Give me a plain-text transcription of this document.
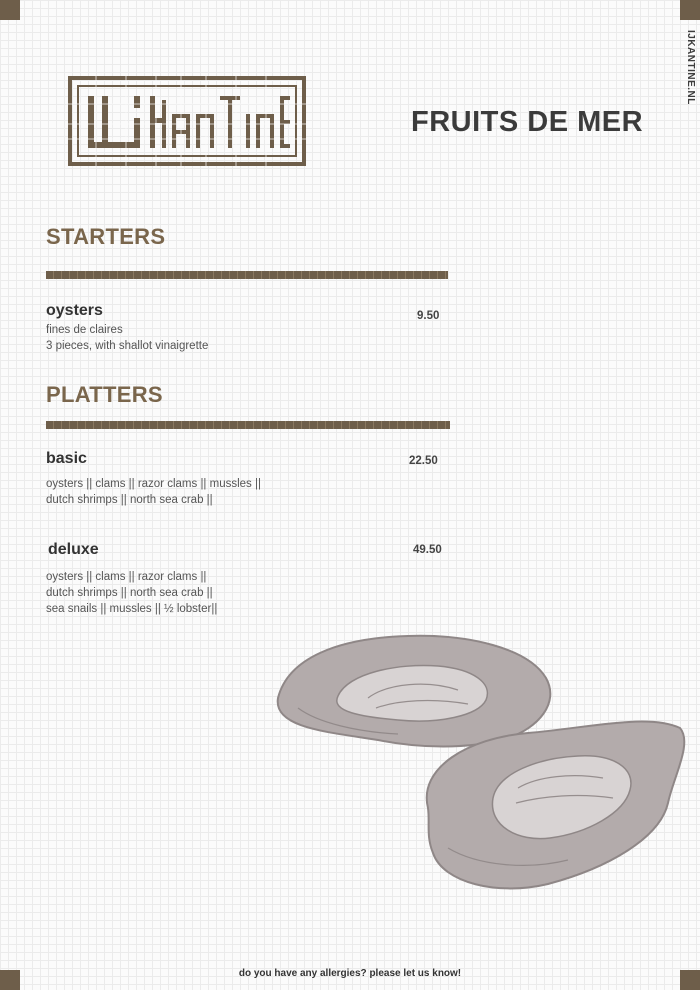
IJKANTINE.NL
FRUITS DE MER
STARTERS
oysters	9.50
fines de claires
3 pieces, with shallot vinaigrette
PLATTERS
basic	22.50
oysters || clams || razor clams || mussles ||
dutch shrimps || north sea crab ||
deluxe	49.50
oysters || clams || razor clams ||
dutch shrimps || north sea crab ||
sea snails || mussles || ½ lobster||
do you have any allergies? please let us know!
